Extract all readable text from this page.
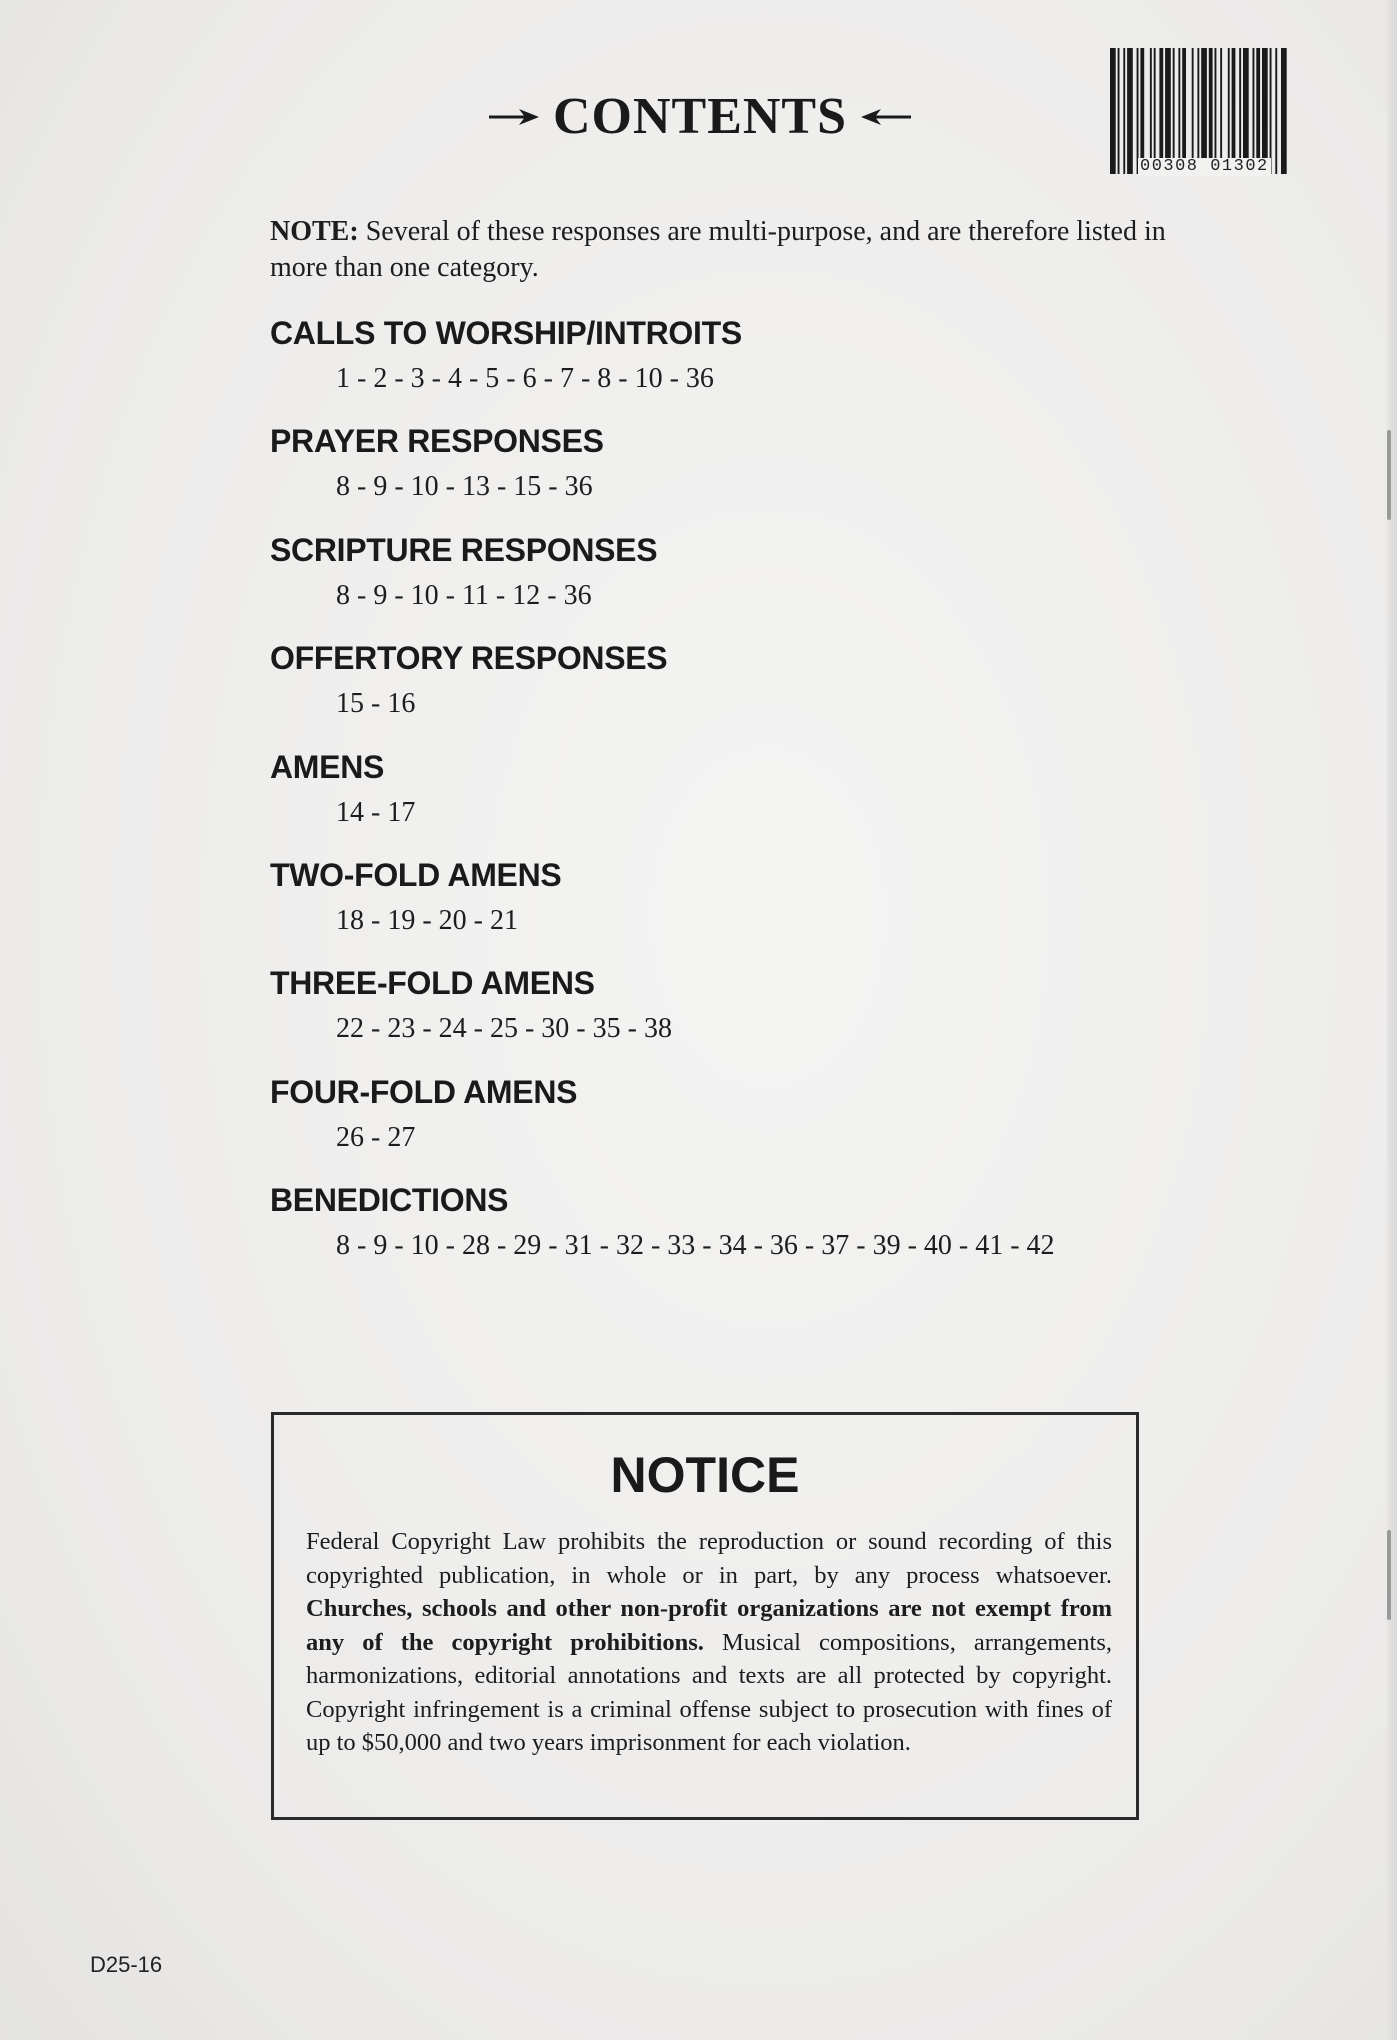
CONTENTS
00308 01302
NOTE: Several of these responses are multi-purpose, and are therefore listed in more than one category.
CALLS TO WORSHIP/INTROITS
1 - 2 - 3 - 4 - 5 - 6 - 7 - 8 - 10 - 36
PRAYER RESPONSES
8 - 9 - 10 - 13 - 15 - 36
SCRIPTURE RESPONSES
8 - 9 - 10 - 11 - 12 - 36
OFFERTORY RESPONSES
15 - 16
AMENS
14 - 17
TWO-FOLD AMENS
18 - 19 - 20 - 21
THREE-FOLD AMENS
22 - 23 - 24 - 25 - 30 - 35 - 38
FOUR-FOLD AMENS
26 - 27
BENEDICTIONS
8 - 9 - 10 - 28 - 29 - 31 - 32 - 33 - 34 - 36 - 37 - 39 - 40 - 41 - 42
NOTICE
Federal Copyright Law prohibits the reproduction or sound recording of this copyrighted publication, in whole or in part, by any process whatsoever. Churches, schools and other non-profit organizations are not exempt from any of the copyright prohibitions. Musical compositions, arrangements, harmonizations, editorial annotations and texts are all protected by copyright. Copyright infringement is a criminal offense subject to prosecution with fines of up to $50,000 and two years imprisonment for each violation.
D25-16
